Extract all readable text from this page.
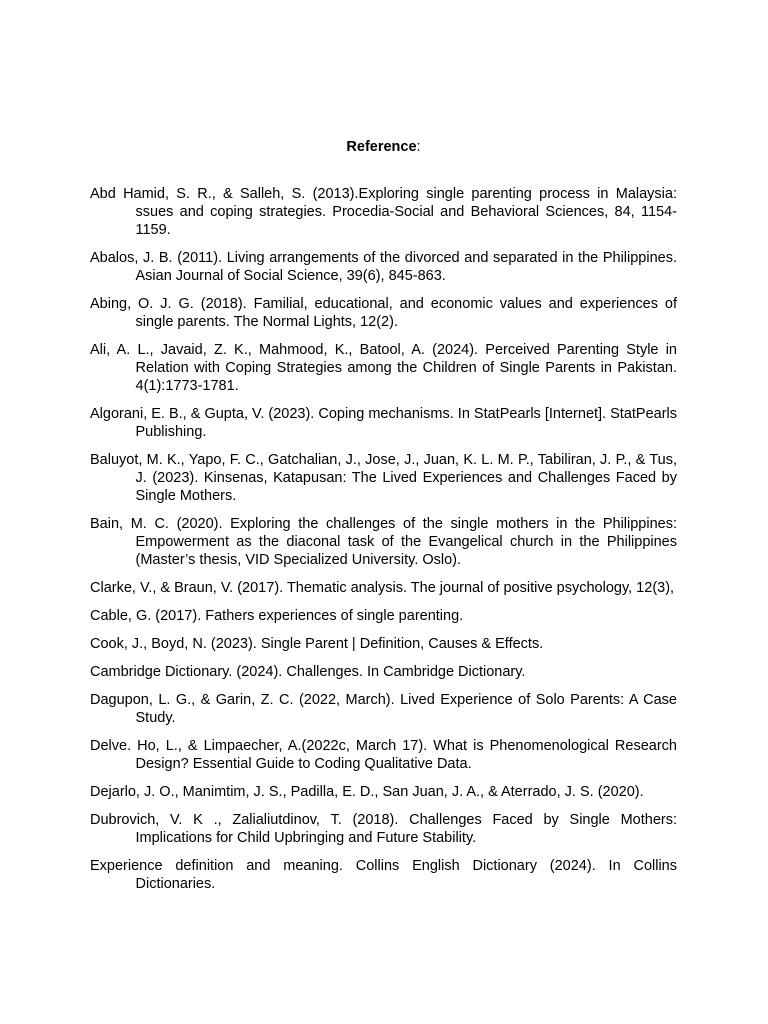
Reference:
Abd Hamid, S. R., & Salleh, S. (2013).Exploring single parenting process in Malaysia: ssues and coping strategies. Procedia-Social and Behavioral Sciences, 84, 1154-1159.
Abalos, J. B. (2011). Living arrangements of the divorced and separated in the Philippines. Asian Journal of Social Science, 39(6), 845-863.
Abing, O. J. G. (2018). Familial, educational, and economic values and experiences of single parents. The Normal Lights, 12(2).
Ali, A. L., Javaid, Z. K., Mahmood, K., Batool, A. (2024). Perceived Parenting Style in Relation with Coping Strategies among the Children of Single Parents in Pakistan. 4(1):1773-1781.
Algorani, E. B., & Gupta, V. (2023). Coping mechanisms. In StatPearls [Internet]. StatPearls Publishing.
Baluyot, M. K., Yapo, F. C., Gatchalian, J., Jose, J., Juan, K. L. M. P., Tabiliran, J. P., & Tus, J. (2023). Kinsenas, Katapusan: The Lived Experiences and Challenges Faced by Single Mothers.
Bain, M. C. (2020). Exploring the challenges of the single mothers in the Philippines: Empowerment as the diaconal task of the Evangelical church in the Philippines (Master’s thesis, VID Specialized University. Oslo).
Clarke, V., & Braun, V. (2017). Thematic analysis. The journal of positive psychology, 12(3),
Cable, G. (2017). Fathers experiences of single parenting.
Cook, J., Boyd, N. (2023). Single Parent | Definition, Causes & Effects.
Cambridge Dictionary. (2024). Challenges. In Cambridge Dictionary.
Dagupon, L. G., & Garin, Z. C. (2022, March). Lived Experience of Solo Parents: A Case Study.
Delve. Ho, L., & Limpaecher, A.(2022c, March 17). What is Phenomenological Research Design? Essential Guide to Coding Qualitative Data.
Dejarlo, J. O., Manimtim, J. S., Padilla, E. D., San Juan, J. A., & Aterrado, J. S. (2020).
Dubrovich, V. K ., Zalialiutdinov, T. (2018). Challenges Faced by Single Mothers: Implications for Child Upbringing and Future Stability.
Experience definition and meaning. Collins English Dictionary (2024). In Collins Dictionaries.
